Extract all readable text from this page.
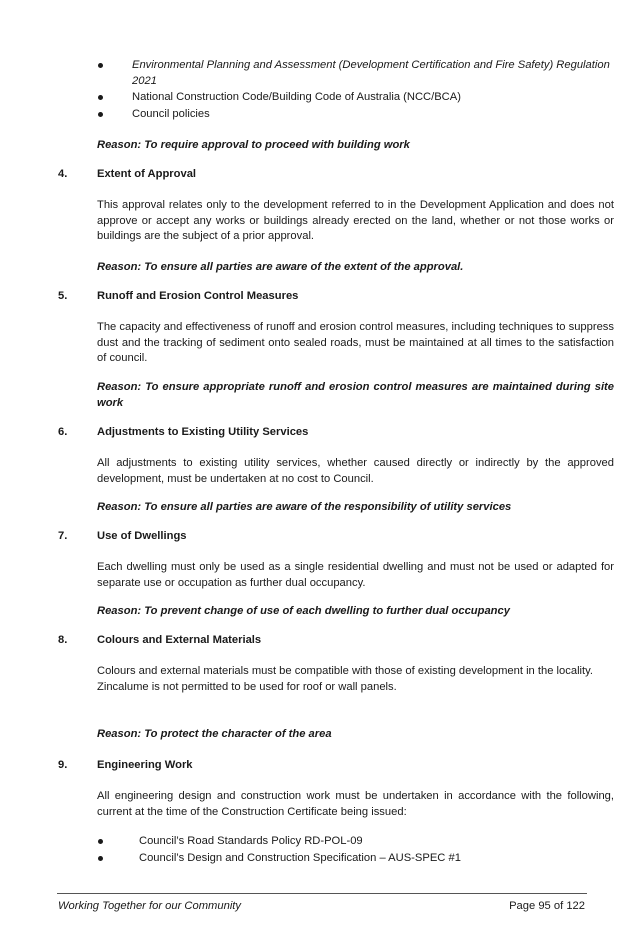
Environmental Planning and Assessment (Development Certification and Fire Safety) Regulation 2021
National Construction Code/Building Code of Australia (NCC/BCA)
Council policies
Reason: To require approval to proceed with building work
4.	Extent of Approval

This approval relates only to the development referred to in the Development Application and does not approve or accept any works or buildings already erected on the land, whether or not those works or buildings are the subject of a prior approval.

Reason: To ensure all parties are aware of the extent of the approval.
5.	Runoff and Erosion Control Measures

The capacity and effectiveness of runoff and erosion control measures, including techniques to suppress dust and the tracking of sediment onto sealed roads, must be maintained at all times to the satisfaction of council.

Reason: To ensure appropriate runoff and erosion control measures are maintained during site work
6.	Adjustments to Existing Utility Services

All adjustments to existing utility services, whether caused directly or indirectly by the approved development, must be undertaken at no cost to Council.

Reason: To ensure all parties are aware of the responsibility of utility services
7.	Use of Dwellings

Each dwelling must only be used as a single residential dwelling and must not be used or adapted for separate use or occupation as further dual occupancy.

Reason: To prevent change of use of each dwelling to further dual occupancy
8.	Colours and External Materials

Colours and external materials must be compatible with those of existing development in the locality.

Zincalume is not permitted to be used for roof or wall panels.

Reason: To protect the character of the area
9.	Engineering Work

All engineering design and construction work must be undertaken in accordance with the following, current at the time of the Construction Certificate being issued:

Council’s Road Standards Policy RD-POL-09
Council’s Design and Construction Specification – AUS-SPEC #1
Working Together for our Community	Page 95 of 122
